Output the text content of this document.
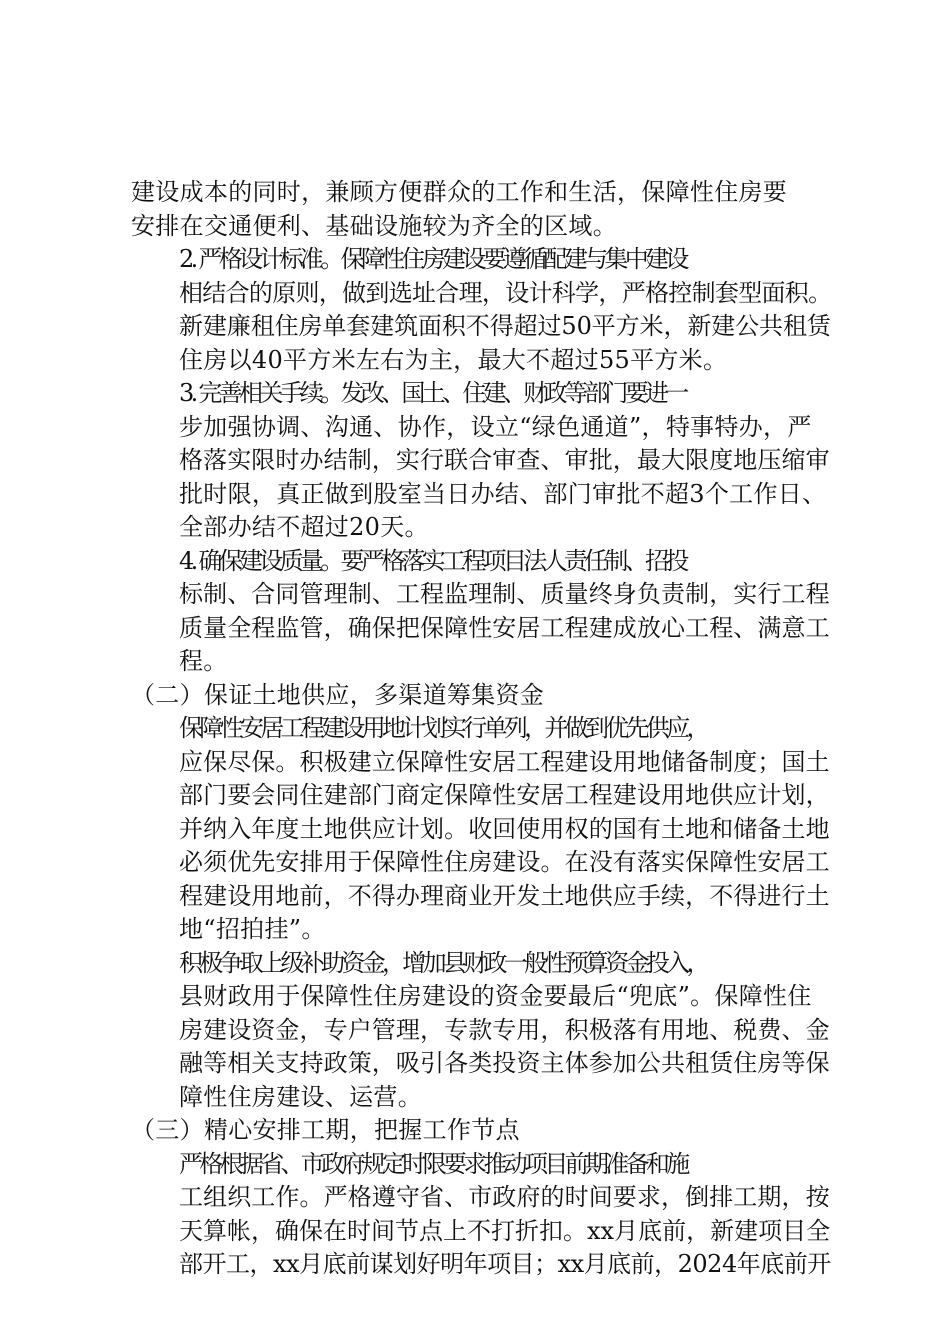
建设成本的同时，兼顾方便群众的工作和生活，保障性住房要
安排在交通便利、基础设施较为齐全的区域。

2. 严格设计标准。保障性住房建设要遵循配建与集中建设
相结合的原则，做到选址合理，设计科学，严格控制套型面积。
新建廉租住房单套建筑面积不得超过50平方米，新建公共租赁
住房以40平方米左右为主，最大不超过55平方米。

3. 完善相关手续。发改、国土、住建、财政等部门要进一
步加强协调、沟通、协作，设立“绿色通道”，特事特办，严
格落实限时办结制，实行联合审查、审批，最大限度地压缩审
批时限，真正做到股室当日办结、部门审批不超3个工作日、
全部办结不超过20天。

4. 确保建设质量。要严格落实工程项目法人责任制、招投
标制、合同管理制、工程监理制、质量终身负责制，实行工程
质量全程监管，确保把保障性安居工程建成放心工程、满意工
程。

（二）保证土地供应，多渠道筹集资金

保障性安居工程建设用地计划实行单列，并做到优先供应，
应保尽保。积极建立保障性安居工程建设用地储备制度；国土
部门要会同住建部门商定保障性安居工程建设用地供应计划，
并纳入年度土地供应计划。收回使用权的国有土地和储备土地
必须优先安排用于保障性住房建设。在没有落实保障性安居工
程建设用地前，不得办理商业开发土地供应手续，不得进行土
地“招拍挂”。

积极争取上级补助资金，增加县财政一般性预算资金投入，
县财政用于保障性住房建设的资金要最后“兜底”。保障性住
房建设资金，专户管理，专款专用，积极落有用地、税费、金
融等相关支持政策，吸引各类投资主体参加公共租赁住房等保
障性住房建设、运营。

（三）精心安排工期，把握工作节点

严格根据省、市政府规定时限要求推动项目前期准备和施
工组织工作。严格遵守省、市政府的时间要求，倒排工期，按
天算帐，确保在时间节点上不打折扣。xx月底前，新建项目全
部开工，xx月底前谋划好明年项目；xx月底前，2024年底前开
